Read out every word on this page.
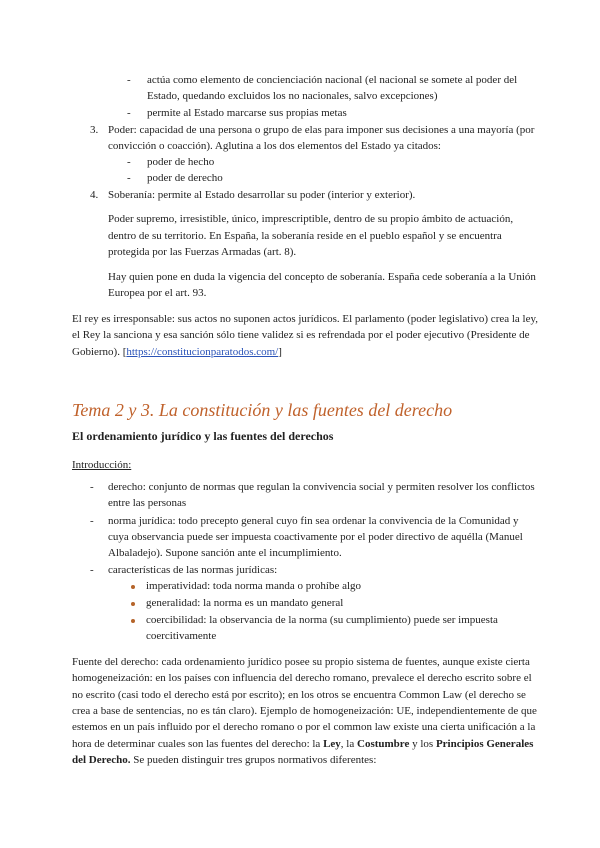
- actúa como elemento de concienciación nacional (el nacional se somete al poder del
Estado, quedando excluidos los no nacionales, salvo excepciones)
- permite al Estado marcarse sus propias metas
3. Poder: capacidad de una persona o grupo de elas para imponer sus decisiones a una mayoría (por
convicción o coacción). Aglutina a los dos elementos del Estado ya citados:
- poder de hecho
- poder de derecho
4. Soberanía: permite al Estado desarrollar su poder (interior y exterior).
Poder supremo, irresistible, único, imprescriptible, dentro de su propio ámbito de actuación,
dentro de su territorio. En España, la soberanía reside en el pueblo español y se encuentra
protegida por las Fuerzas Armadas (art. 8).
Hay quien pone en duda la vigencia del concepto de soberanía. España cede soberanía a la Unión
Europea por el art. 93.
El rey es irresponsable: sus actos no suponen actos jurídicos. El parlamento (poder legislativo) crea la ley,
el Rey la sanciona y esa sanción sólo tiene validez si es refrendada por el poder ejecutivo (Presidente de
Gobierno). [https://constitucionparatodos.com/]
Tema 2 y 3. La constitución y las fuentes del derecho
El ordenamiento jurídico y las fuentes del derechos
Introducción:
- derecho: conjunto de normas que regulan la convivencia social y permiten resolver los conflictos
entre las personas
- norma jurídica: todo precepto general cuyo fin sea ordenar la convivencia de la Comunidad y
cuya observancia puede ser impuesta coactivamente por el poder directivo de aquélla (Manuel
Albaladejo). Supone sanción ante el incumplimiento.
- características de las normas jurídicas:
imperatividad: toda norma manda o prohíbe algo
generalidad: la norma es un mandato general
coercibilidad: la observancia de la norma (su cumplimiento) puede ser impuesta
coercitivamente
Fuente del derecho: cada ordenamiento jurídico posee su propio sistema de fuentes, aunque existe cierta
homogeneización: en los países con influencia del derecho romano, prevalece el derecho escrito sobre el
no escrito (casi todo el derecho está por escrito); en los otros se encuentra Common Law (el derecho se
crea a base de sentencias, no es tán claro). Ejemplo de homogeneización: UE, independientemente de que
estemos en un país influido por el derecho romano o por el common law existe una cierta unificación a la
hora de determinar cuales son las fuentes del derecho: la Ley, la Costumbre y los Principios Generales
del Derecho. Se pueden distinguir tres grupos normativos diferentes:
